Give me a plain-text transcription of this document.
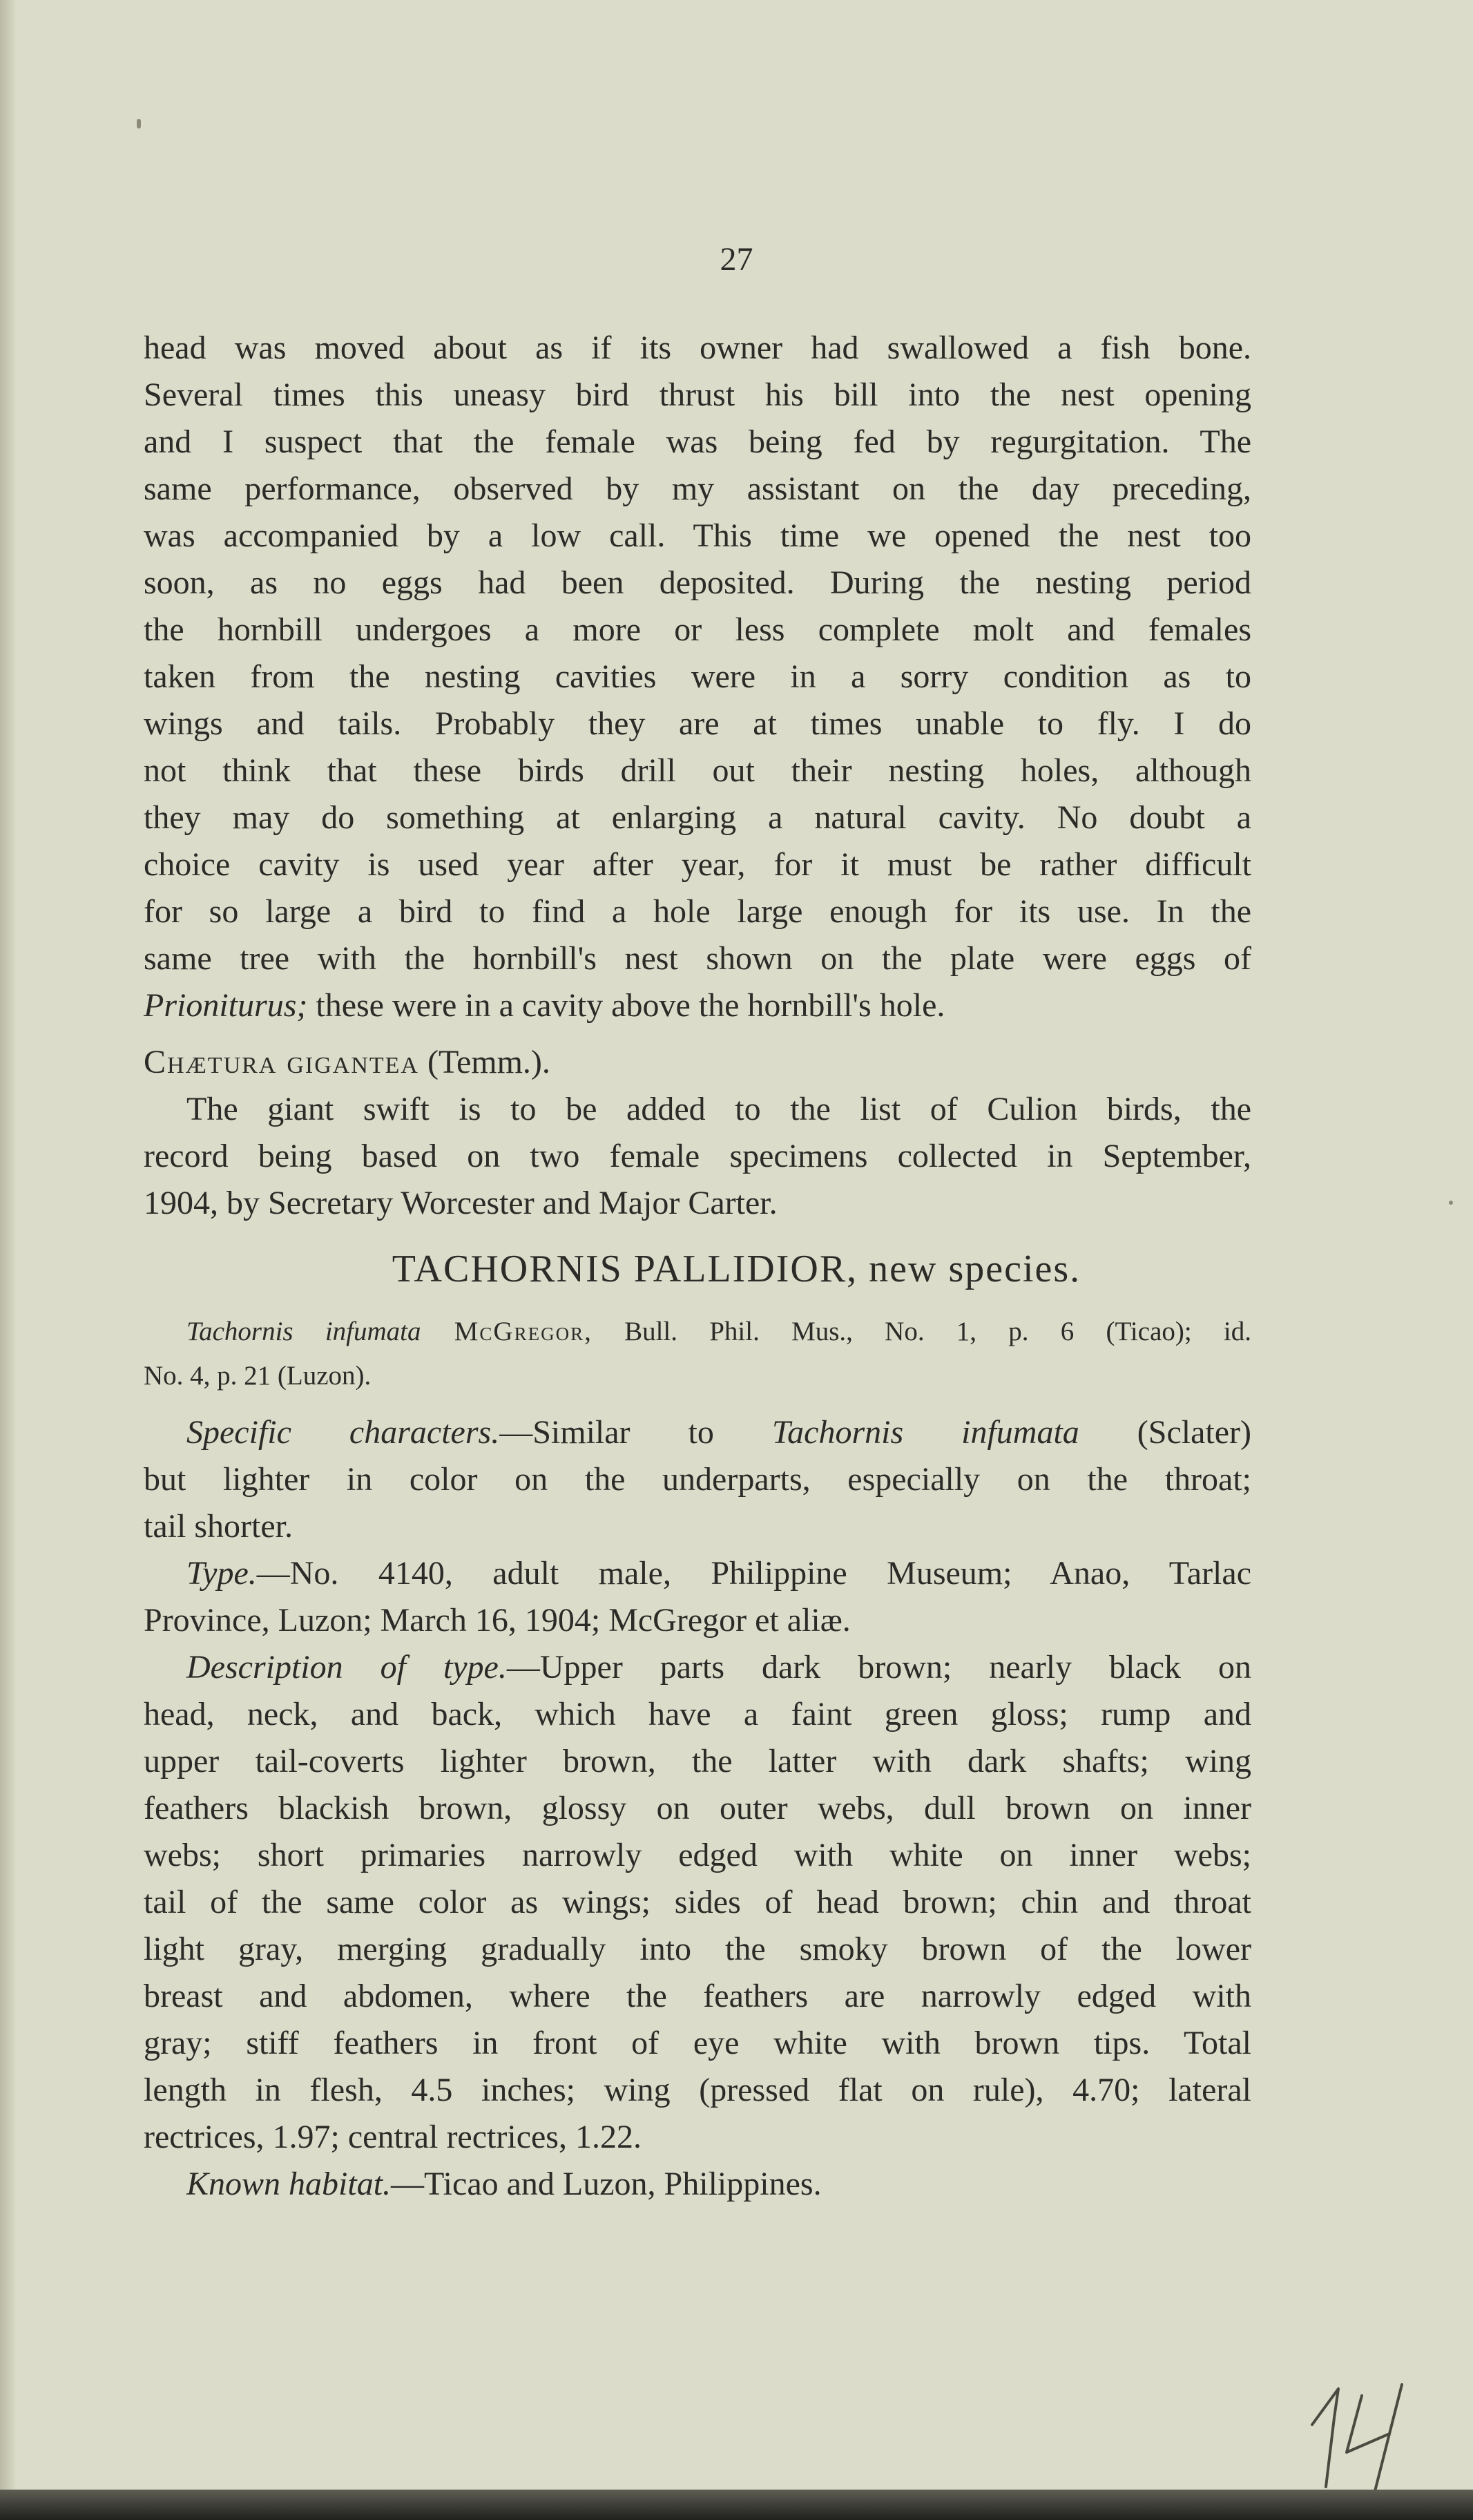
27
head was moved about as if its owner had swallowed a fish bone.
Several times this uneasy bird thrust his bill into the nest opening
and I suspect that the female was being fed by regurgitation. The
same performance, observed by my assistant on the day preceding,
was accompanied by a low call. This time we opened the nest too
soon, as no eggs had been deposited. During the nesting period
the hornbill undergoes a more or less complete molt and females
taken from the nesting cavities were in a sorry condition as to
wings and tails. Probably they are at times unable to fly. I do
not think that these birds drill out their nesting holes, although
they may do something at enlarging a natural cavity. No doubt a
choice cavity is used year after year, for it must be rather difficult
for so large a bird to find a hole large enough for its use. In the
same tree with the hornbill's nest shown on the plate were eggs of
Prioniturus; these were in a cavity above the hornbill's hole.
Chætura gigantea (Temm.).
The giant swift is to be added to the list of Culion birds, the
record being based on two female specimens collected in September,
1904, by Secretary Worcester and Major Carter.
TACHORNIS PALLIDIOR, new species.
Tachornis infumata McGregor, Bull. Phil. Mus., No. 1, p. 6 (Ticao); id.
No. 4, p. 21 (Luzon).
Specific characters.—Similar to Tachornis infumata (Sclater)
but lighter in color on the underparts, especially on the throat;
tail shorter.
Type.—No. 4140, adult male, Philippine Museum; Anao, Tarlac
Province, Luzon; March 16, 1904; McGregor et aliæ.
Description of type.—Upper parts dark brown; nearly black on
head, neck, and back, which have a faint green gloss; rump and
upper tail-coverts lighter brown, the latter with dark shafts; wing
feathers blackish brown, glossy on outer webs, dull brown on inner
webs; short primaries narrowly edged with white on inner webs;
tail of the same color as wings; sides of head brown; chin and throat
light gray, merging gradually into the smoky brown of the lower
breast and abdomen, where the feathers are narrowly edged with
gray; stiff feathers in front of eye white with brown tips. Total
length in flesh, 4.5 inches; wing (pressed flat on rule), 4.70; lateral
rectrices, 1.97; central rectrices, 1.22.
Known habitat.—Ticao and Luzon, Philippines.
